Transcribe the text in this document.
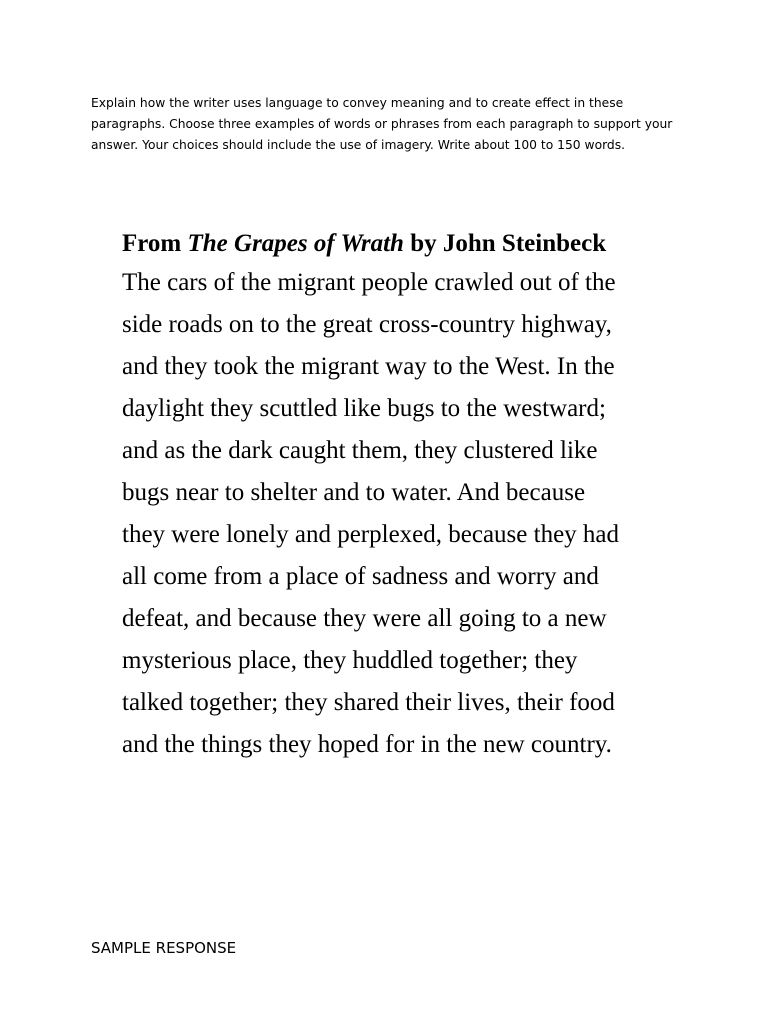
Explain how the writer uses language to convey meaning and to create effect in these paragraphs. Choose three examples of words or phrases from each paragraph to support your answer. Your choices should include the use of imagery. Write about 100 to 150 words.

From The Grapes of Wrath by John Steinbeck

The cars of the migrant people crawled out of the
side roads on to the great cross-country highway,
and they took the migrant way to the West. In the
daylight they scuttled like bugs to the westward;
and as the dark caught them, they clustered like
bugs near to shelter and to water. And because
they were lonely and perplexed, because they had
all come from a place of sadness and worry and
defeat, and because they were all going to a new
mysterious place, they huddled together; they
talked together; they shared their lives, their food
and the things they hoped for in the new country.

SAMPLE RESPONSE
